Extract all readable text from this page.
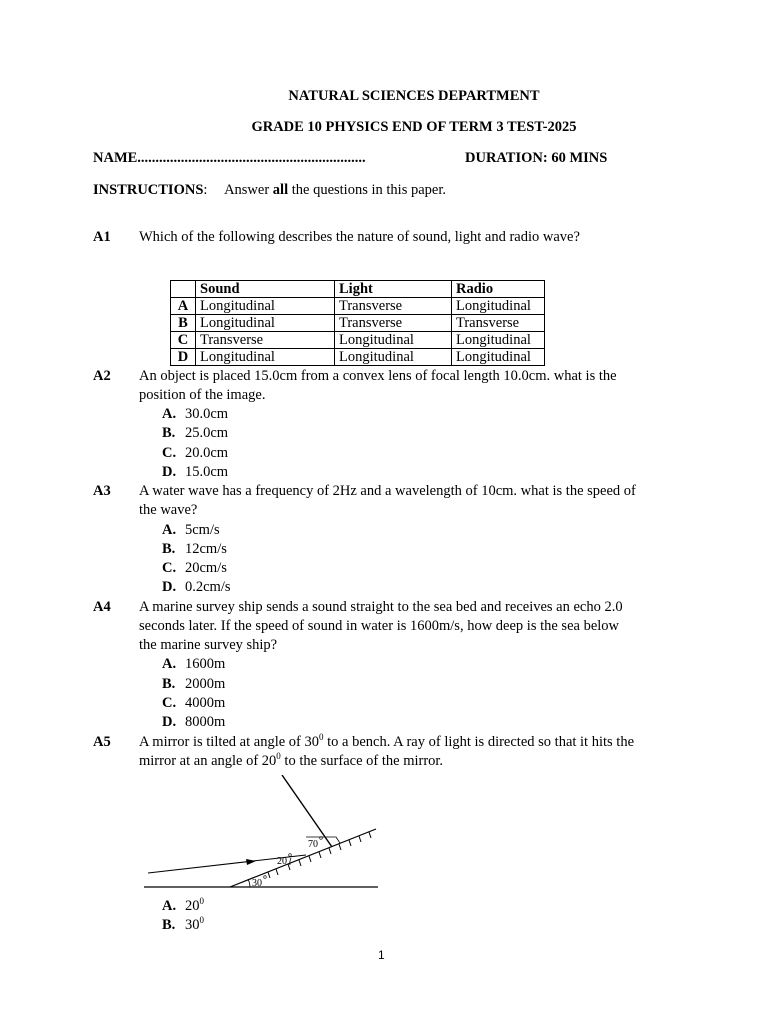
NATURAL SCIENCES DEPARTMENT
GRADE 10 PHYSICS END OF TERM 3 TEST-2025
NAME...............................................................	DURATION: 60 MINS
INSTRUCTIONS: Answer all the questions in this paper.
A1 Which of the following describes the nature of sound, light and radio wave?
	Sound	Light	Radio
A	Longitudinal	Transverse	Longitudinal
B	Longitudinal	Transverse	Transverse
C	Transverse	Longitudinal	Longitudinal
D	Longitudinal	Longitudinal	Longitudinal
A2 An object is placed 15.0cm from a convex lens of focal length 10.0cm. what is the
position of the image.
A. 30.0cm
B. 25.0cm
C. 20.0cm
D. 15.0cm
A3 A water wave has a frequency of 2Hz and a wavelength of 10cm. what is the speed of
the wave?
A. 5cm/s
B. 12cm/s
C. 20cm/s
D. 0.2cm/s
A4 A marine survey ship sends a sound straight to the sea bed and receives an echo 2.0
seconds later. If the speed of sound in water is 1600m/s, how deep is the sea below
the marine survey ship?
A. 1600m
B. 2000m
C. 4000m
D. 8000m
A5 A mirror is tilted at angle of $30^0$ to a bench. A ray of light is directed so that it hits the
mirror at an angle of $20^0$ to the surface of the mirror.
70
20
30
A. $20^0$
B. $30^0$
1
